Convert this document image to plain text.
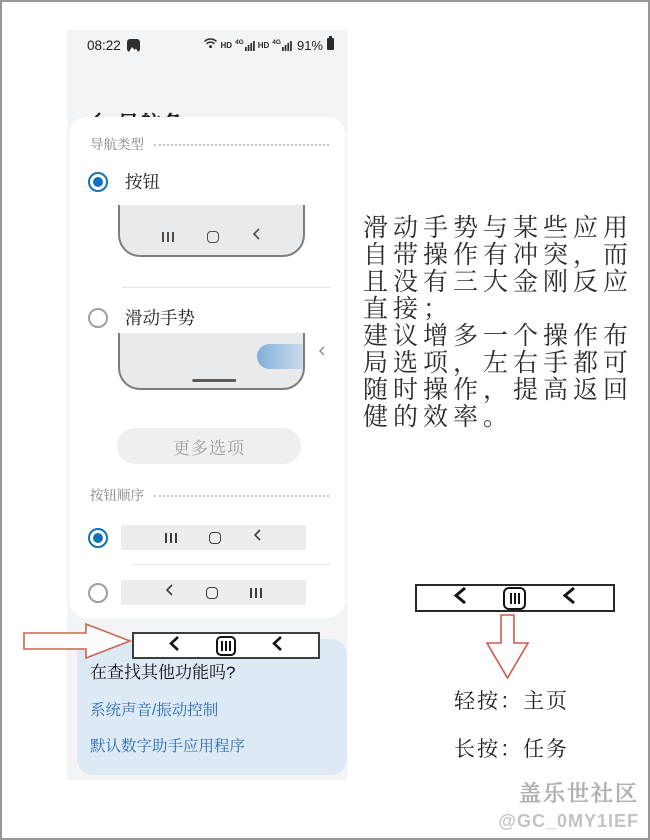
08:22	HD 4G HD 4G 91%
导航类型
按钮
滑动手势
更多选项
按钮顺序
在查找其他功能吗?
系统声音/振动控制
默认数字助手应用程序
滑动手势与某些应用
自带操作有冲突，而
且没有三大金刚反应
直接；
建议增多一个操作布
局选项，左右手都可
随时操作，提高返回
健的效率。
轻按：主页
长按：任务
盖乐世社区
@GC_0MY1IEF
